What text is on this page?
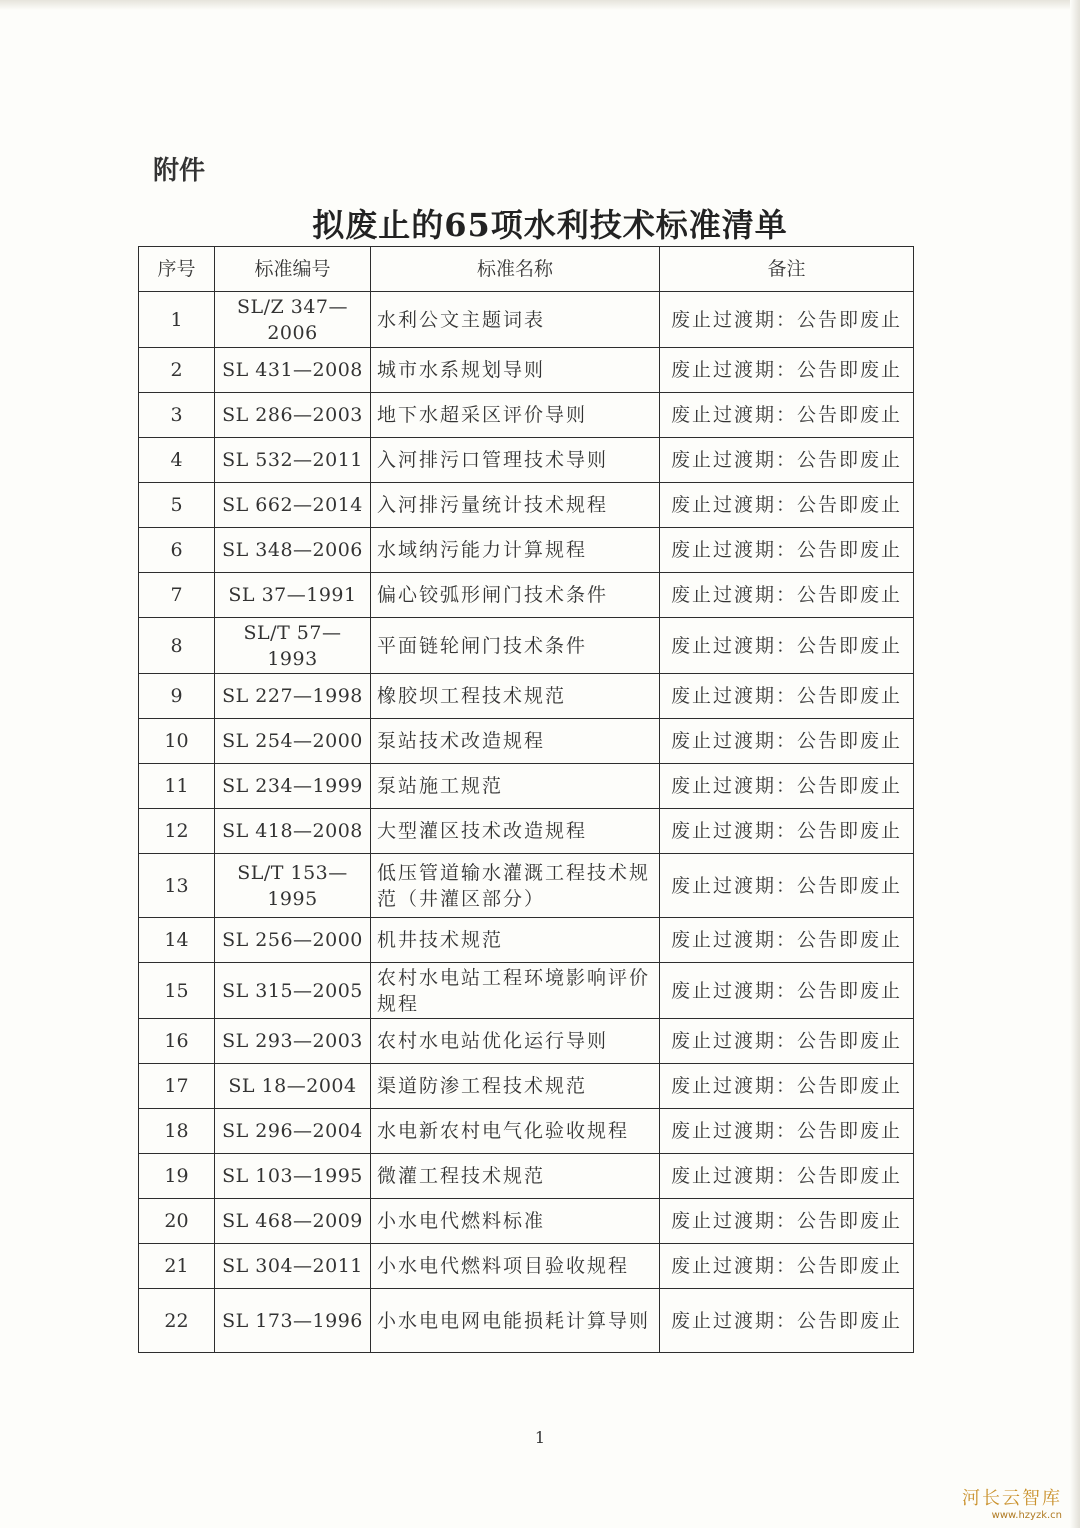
附件
拟废止的65项水利技术标准清单
序号	标准编号	标准名称	备注
1	SL/Z 347—2006	水利公文主题词表	废止过渡期：公告即废止
2	SL 431—2008	城市水系规划导则	废止过渡期：公告即废止
3	SL 286—2003	地下水超采区评价导则	废止过渡期：公告即废止
4	SL 532—2011	入河排污口管理技术导则	废止过渡期：公告即废止
5	SL 662—2014	入河排污量统计技术规程	废止过渡期：公告即废止
6	SL 348—2006	水域纳污能力计算规程	废止过渡期：公告即废止
7	SL 37—1991	偏心铰弧形闸门技术条件	废止过渡期：公告即废止
8	SL/T 57—1993	平面链轮闸门技术条件	废止过渡期：公告即废止
9	SL 227—1998	橡胶坝工程技术规范	废止过渡期：公告即废止
10	SL 254—2000	泵站技术改造规程	废止过渡期：公告即废止
11	SL 234—1999	泵站施工规范	废止过渡期：公告即废止
12	SL 418—2008	大型灌区技术改造规程	废止过渡期：公告即废止
13	SL/T 153—1995	低压管道输水灌溉工程技术规范（井灌区部分）	废止过渡期：公告即废止
14	SL 256—2000	机井技术规范	废止过渡期：公告即废止
15	SL 315—2005	农村水电站工程环境影响评价规程	废止过渡期：公告即废止
16	SL 293—2003	农村水电站优化运行导则	废止过渡期：公告即废止
17	SL 18—2004	渠道防渗工程技术规范	废止过渡期：公告即废止
18	SL 296—2004	水电新农村电气化验收规程	废止过渡期：公告即废止
19	SL 103—1995	微灌工程技术规范	废止过渡期：公告即废止
20	SL 468—2009	小水电代燃料标准	废止过渡期：公告即废止
21	SL 304—2011	小水电代燃料项目验收规程	废止过渡期：公告即废止
22	SL 173—1996	小水电电网电能损耗计算导则	废止过渡期：公告即废止
1
河长云智库
www.hzyzk.cn
